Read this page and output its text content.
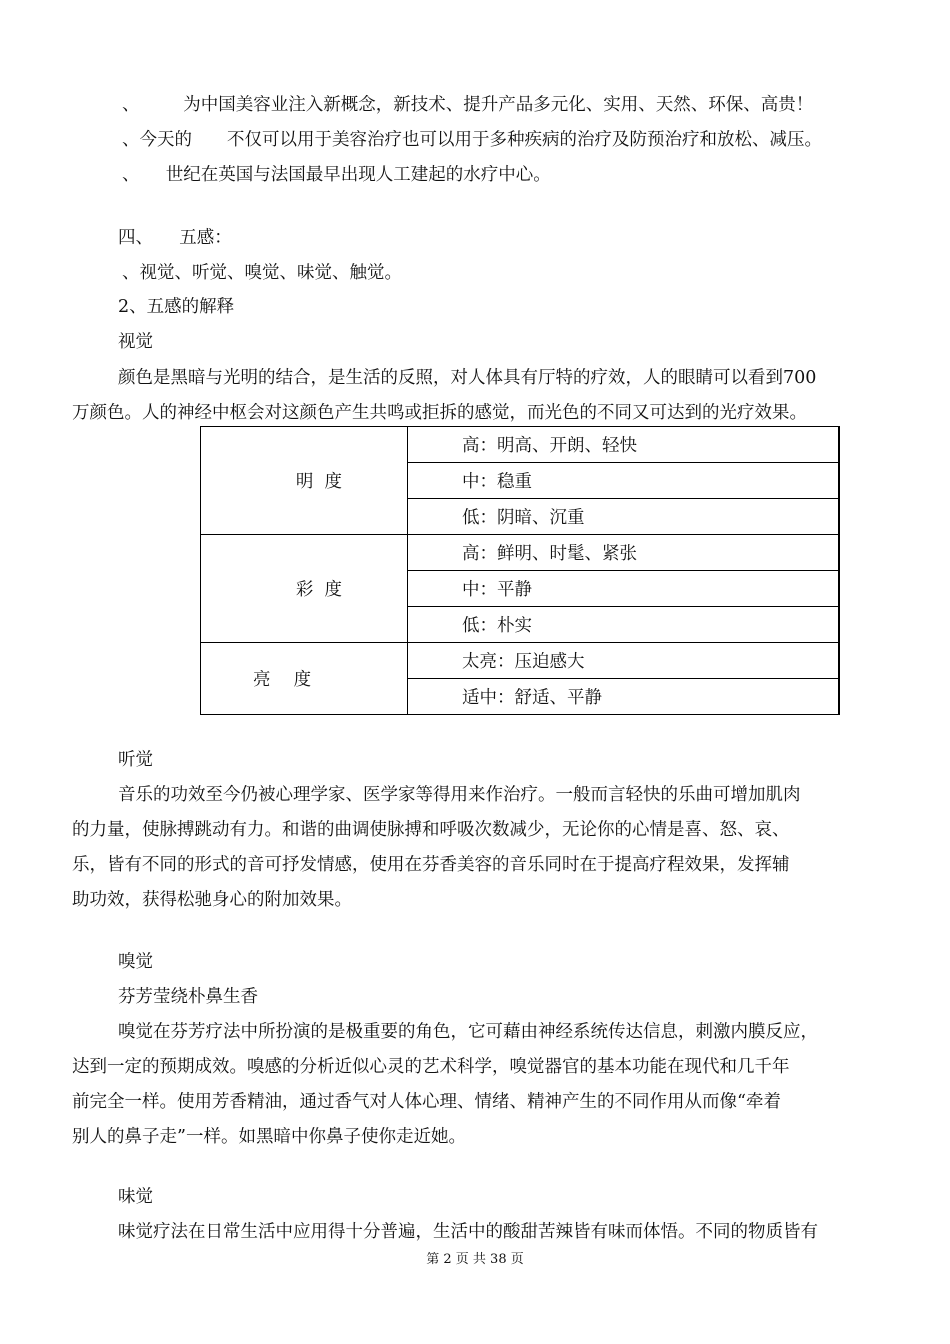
、　　　为中国美容业注入新概念，新技术、提升产品多元化、实用、天然、环保、高贵！
、今天的　　不仅可以用于美容治疗也可以用于多种疾病的治疗及防预治疗和放松、减压。
、　　世纪在英国与法国最早出现人工建起的水疗中心。
四、　　五感：
、视觉、听觉、嗅觉、味觉、触觉。
2、五感的解释
视觉
颜色是黑暗与光明的结合，是生活的反照，对人体具有厅特的疗效，人的眼睛可以看到700
万颜色。人的神经中枢会对这颜色产生共鸣或拒拆的感觉，而光色的不同又可达到的光疗效果。
明  度	高：明高、开朗、轻快
	中：稳重
	低：阴暗、沉重
彩  度	高：鲜明、时髦、紧张
	中：平静
	低：朴实
亮　 度	太亮：压迫感大
	适中：舒适、平静
听觉
音乐的功效至今仍被心理学家、医学家等得用来作治疗。一般而言轻快的乐曲可增加肌肉
的力量，使脉搏跳动有力。和谐的曲调使脉搏和呼吸次数减少，无论你的心情是喜、怒、哀、
乐，皆有不同的形式的音可抒发情感，使用在芬香美容的音乐同时在于提高疗程效果，发挥辅
助功效，获得松驰身心的附加效果。
嗅觉
芬芳莹绕朴鼻生香
嗅觉在芬芳疗法中所扮演的是极重要的角色，它可藉由神经系统传达信息，刺激内膜反应，
达到一定的预期成效。嗅感的分析近似心灵的艺术科学，嗅觉器官的基本功能在现代和几千年
前完全一样。使用芳香精油，通过香气对人体心理、情绪、精神产生的不同作用从而像“牵着
别人的鼻子走”一样。如黑暗中你鼻子使你走近她。
味觉
味觉疗法在日常生活中应用得十分普遍，生活中的酸甜苦辣皆有味而体悟。不同的物质皆有
第 2 页 共 38 页
